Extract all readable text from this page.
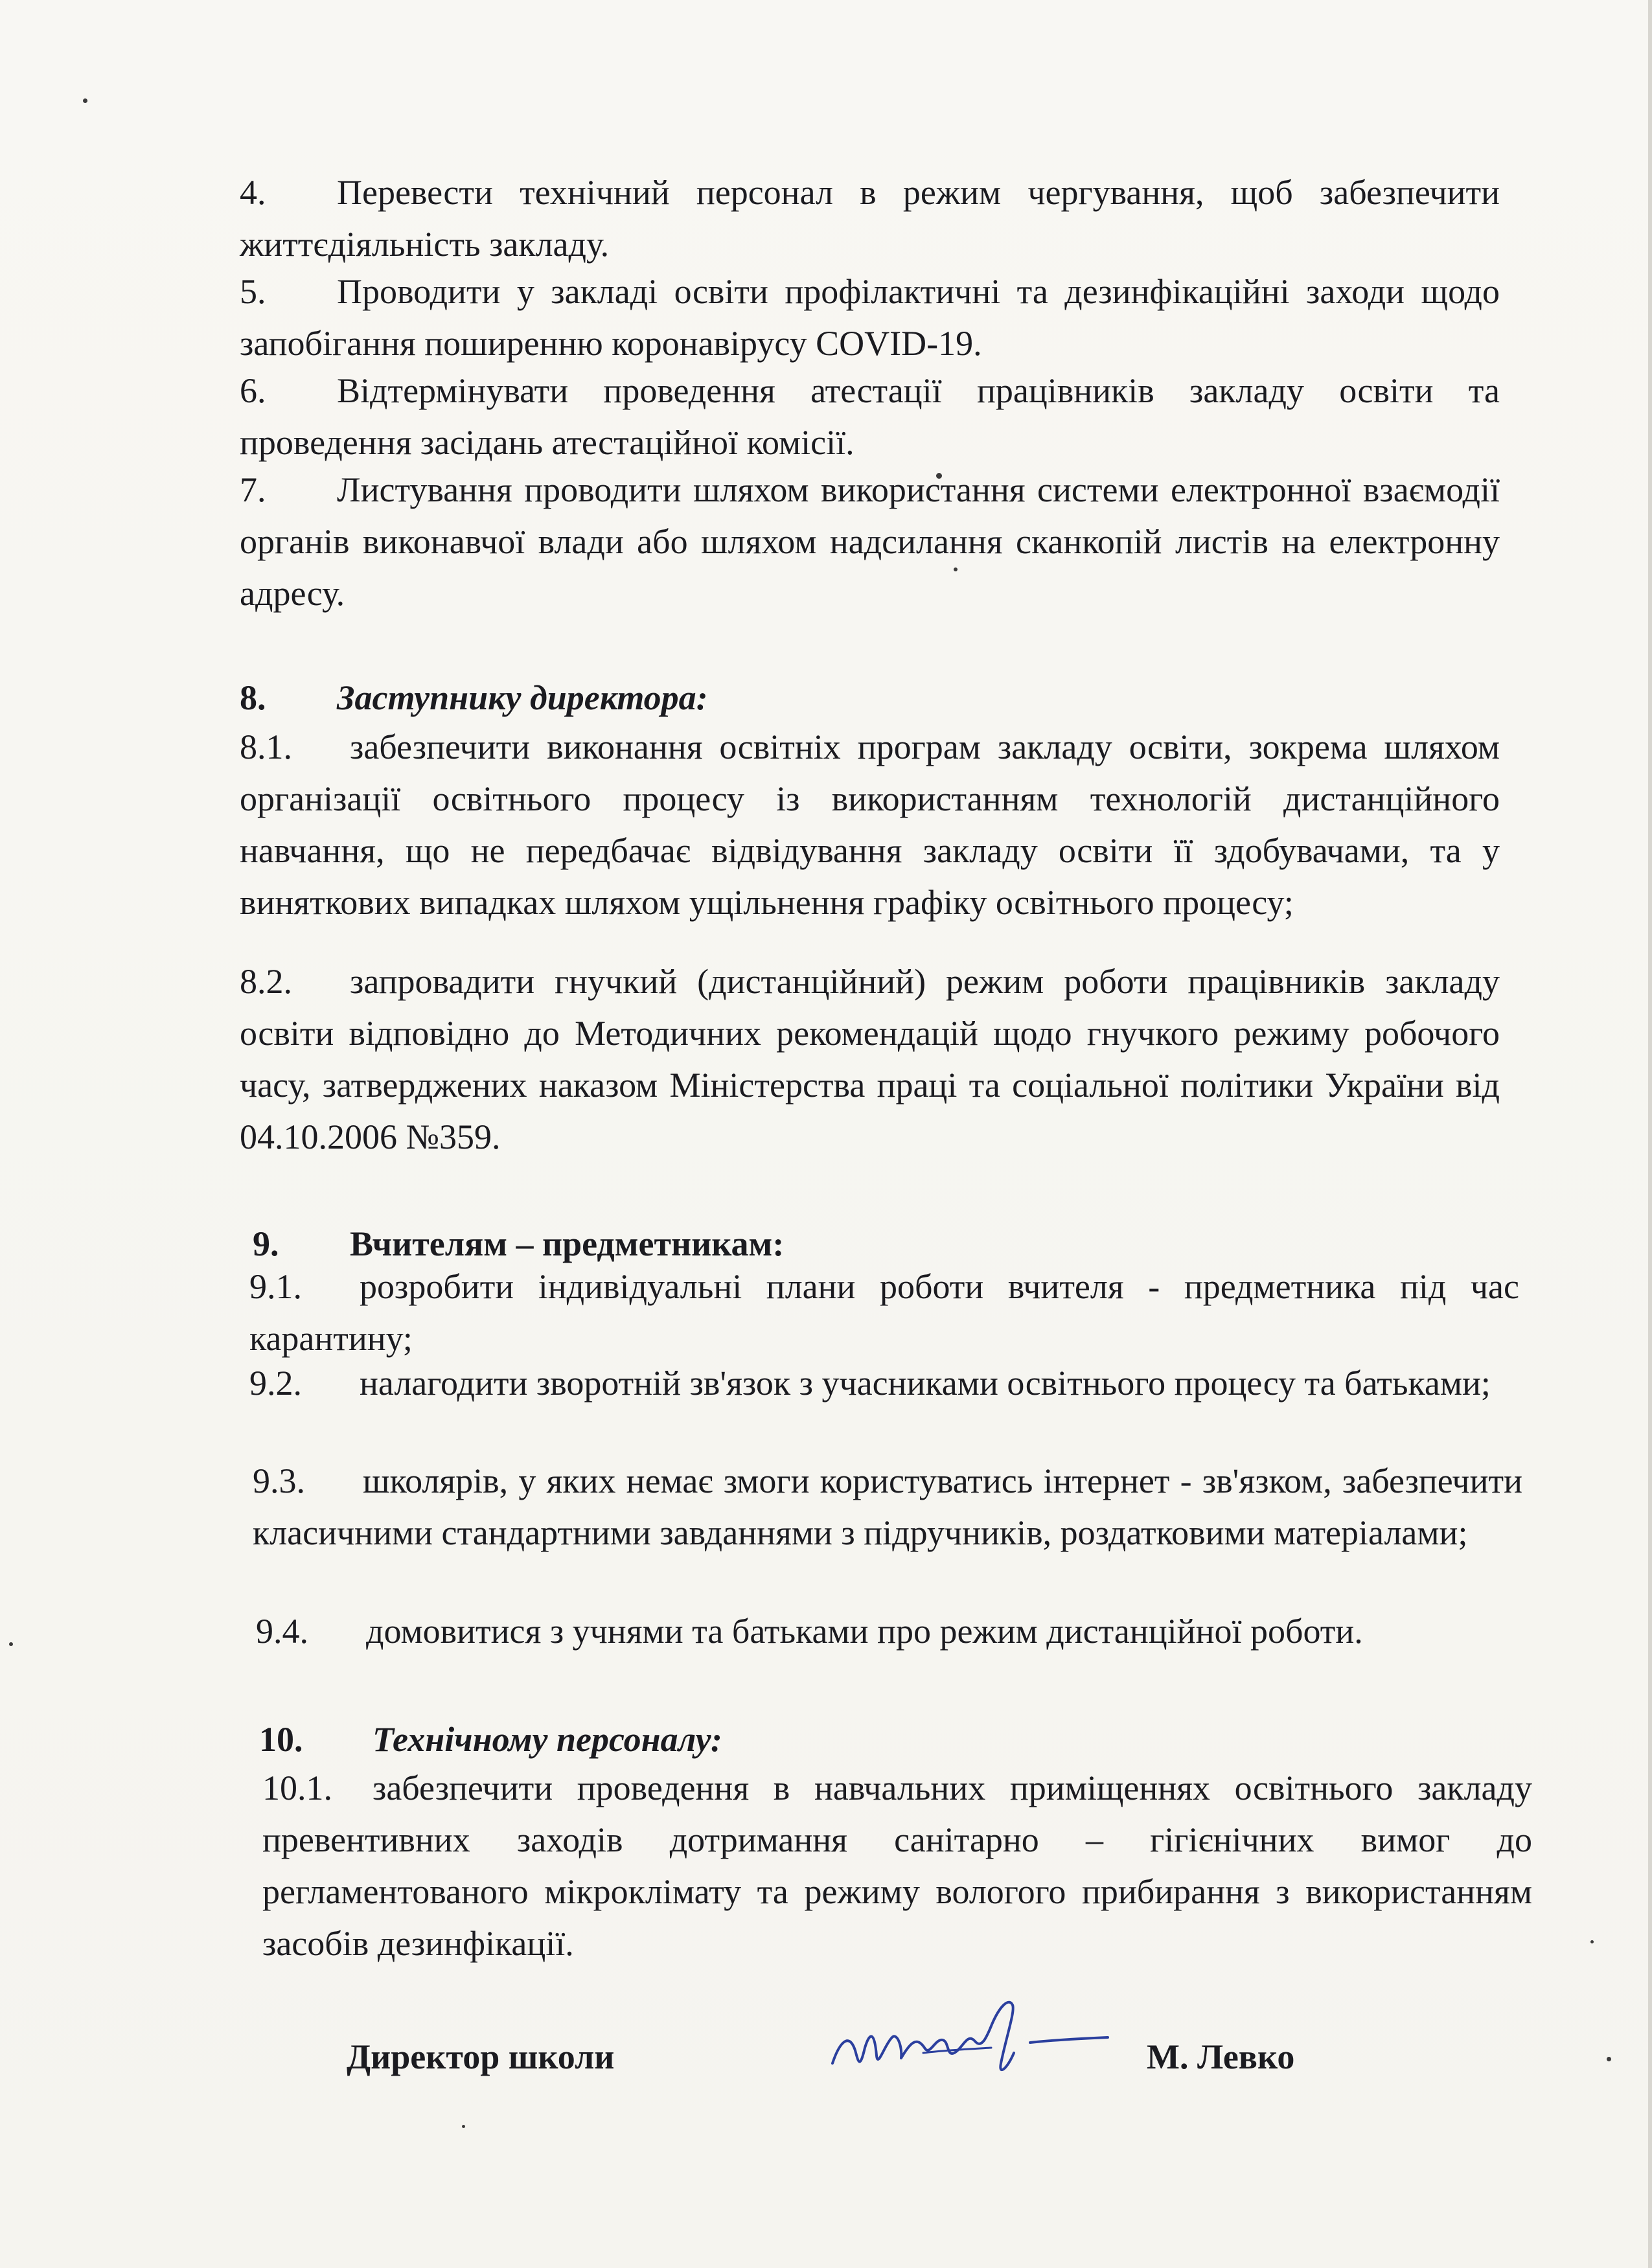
4. Перевести технічний персонал в режим чергування, щоб забезпечити життєдіяльність закладу.
5. Проводити у закладі освіти профілактичні та дезинфікаційні заходи щодо запобігання поширенню коронавірусу COVID-19.
6. Відтермінувати проведення атестації працівників закладу освіти та проведення засідань атестаційної комісії.
7. Листування проводити шляхом використання системи електронної взаємодії органів виконавчої влади або шляхом надсилання сканкопій листів на електронну адресу.
8. Заступнику директора:
8.1. забезпечити виконання освітніх програм закладу освіти, зокрема шляхом організації освітнього процесу із використанням технологій дистанційного навчання, що не передбачає відвідування закладу освіти її здобувачами, та у виняткових випадках шляхом ущільнення графіку освітнього процесу;
8.2. запровадити гнучкий (дистанційний) режим роботи працівників закладу освіти відповідно до Методичних рекомендацій щодо гнучкого режиму робочого часу, затверджених наказом Міністерства праці та соціальної політики України від 04.10.2006 №359.
9. Вчителям – предметникам:
9.1. розробити індивідуальні плани роботи вчителя - предметника під час карантину;
9.2. налагодити зворотній зв'язок з учасниками освітнього процесу та батьками;
9.3. школярів, у яких немає змоги користуватись інтернет - зв'язком, забезпечити класичними стандартними завданнями з підручників, роздатковими матеріалами;
9.4. домовитися з учнями та батьками про режим дистанційної роботи.
10. Технічному персоналу:
10.1. забезпечити проведення в навчальних приміщеннях освітнього закладу превентивних заходів дотримання санітарно – гігієнічних вимог до регламентованого мікроклімату та режиму вологого прибирання з використанням засобів дезинфікації.
Директор школи	М. Левко
